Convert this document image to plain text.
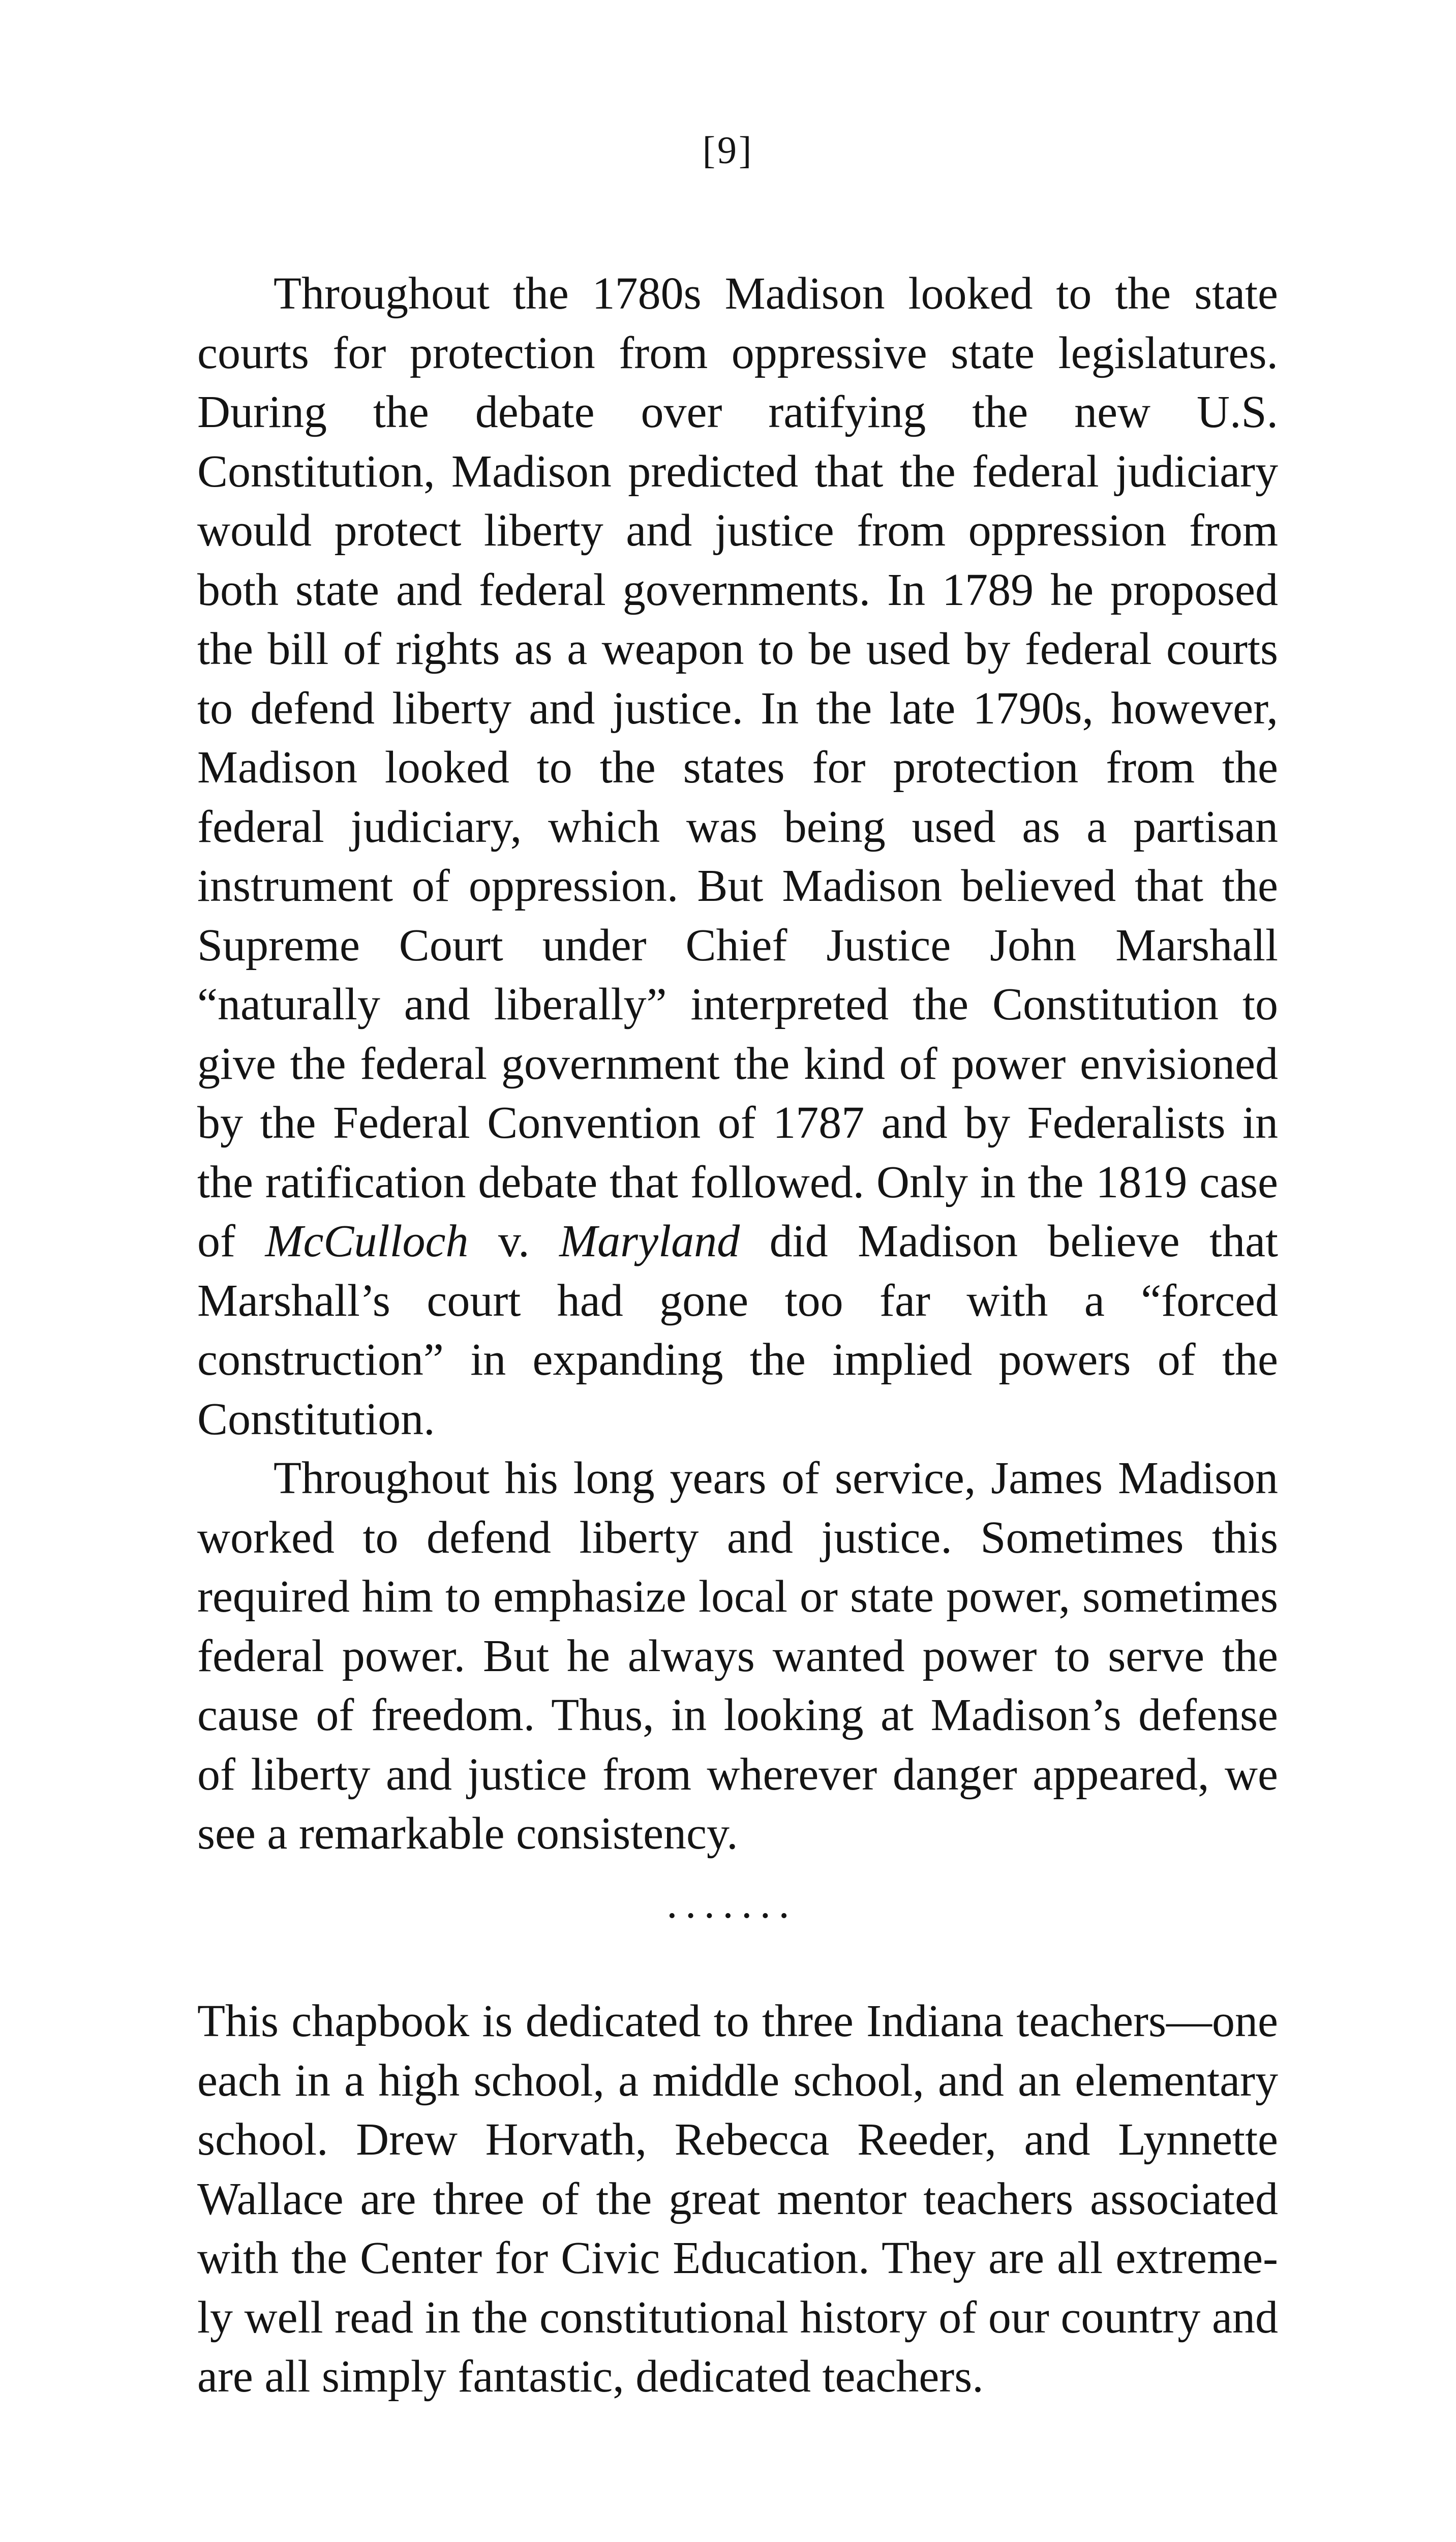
[9]

Throughout the 1780s Madison looked to the state courts for protection from oppressive state legislatures. During the debate over ratifying the new U.S. Constitution, Madison predicted that the federal judiciary would protect liberty and justice from oppression from both state and federal governments. In 1789 he proposed the bill of rights as a weapon to be used by federal courts to defend liberty and justice. In the late 1790s, however, Madison looked to the states for protection from the federal judiciary, which was being used as a partisan instrument of oppression. But Madison believed that the Supreme Court under Chief Justice John Marshall “naturally and liberally” interpreted the Constitution to give the federal government the kind of power envisioned by the Federal Convention of 1787 and by Federalists in the ratification debate that followed. Only in the 1819 case of McCulloch v. Maryland did Madison believe that Marshall’s court had gone too far with a “forced construction” in expanding the implied powers of the Constitution.

Throughout his long years of service, James Madison worked to defend liberty and justice. Sometimes this required him to emphasize local or state power, sometimes federal power. But he always wanted power to serve the cause of freedom. Thus, in looking at Madison’s defense of liberty and justice from wherever danger appeared, we see a remarkable consistency.

•••••••

This chapbook is dedicated to three Indiana teachers—one each in a high school, a middle school, and an elementary school. Drew Horvath, Rebecca Reeder, and Lynnette Wallace are three of the great mentor teachers associated with the Center for Civic Education. They are all extremely well read in the constitutional history of our country and are all simply fantastic, dedicated teachers.
